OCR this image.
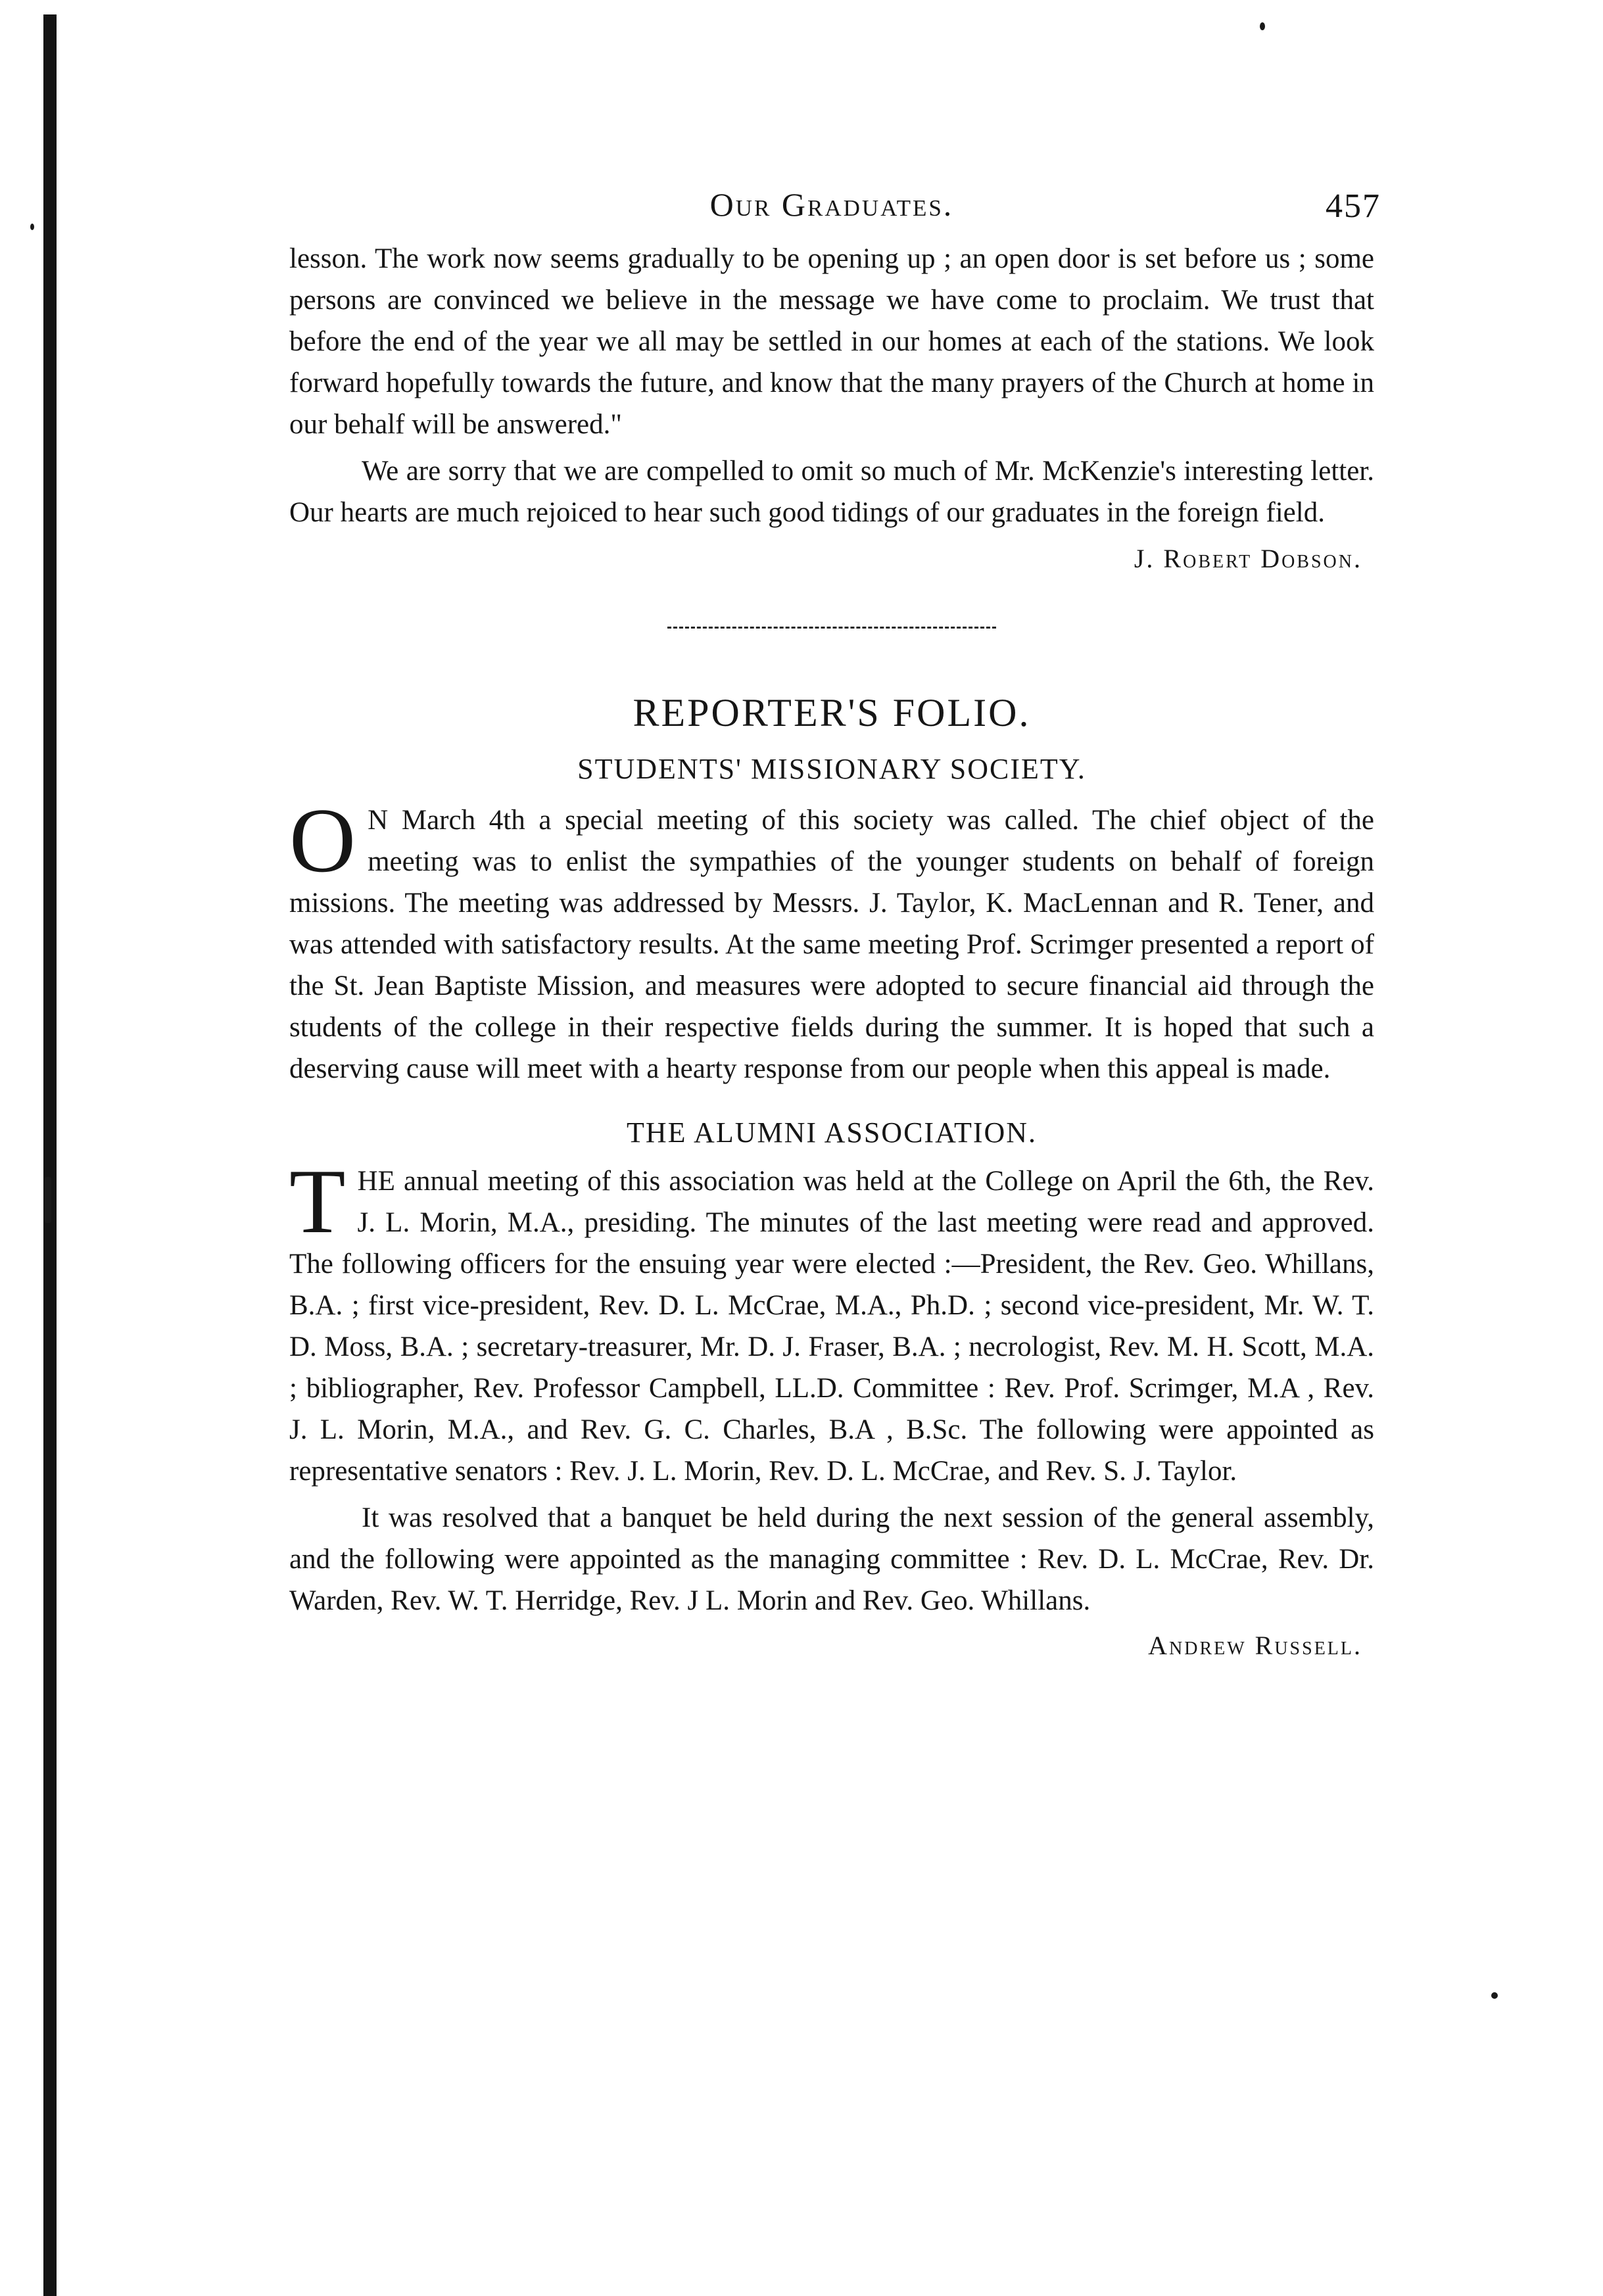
Our Graduates.	457

lesson. The work now seems gradually to be opening up ; an open door is set before us ; some persons are convinced we believe in the message we have come to proclaim. We trust that before the end of the year we all may be settled in our homes at each of the stations. We look forward hopefully towards the future, and know that the many prayers of the Church at home in our behalf will be answered."

We are sorry that we are compelled to omit so much of Mr. McKenzie's interesting letter. Our hearts are much rejoiced to hear such good tidings of our graduates in the foreign field.

J. Robert Dobson.
REPORTER'S FOLIO.
STUDENTS' MISSIONARY SOCIETY.

O N March 4th a special meeting of this society was called. The chief object of the meeting was to enlist the sympathies of the younger students on behalf of foreign missions. The meeting was addressed by Messrs. J. Taylor, K. MacLennan and R. Tener, and was attended with satisfactory results. At the same meeting Prof. Scrimger presented a report of the St. Jean Baptiste Mission, and measures were adopted to secure financial aid through the students of the college in their respective fields during the summer. It is hoped that such a deserving cause will meet with a hearty response from our people when this appeal is made.

THE ALUMNI ASSOCIATION.

THE annual meeting of this association was held at the College on April the 6th, the Rev. J. L. Morin, M.A., presiding. The minutes of the last meeting were read and approved. The following officers for the ensuing year were elected :—President, the Rev. Geo. Whillans, B.A. ; first vice-president, Rev. D. L. McCrae, M.A., Ph.D. ; second vice-president, Mr. W. T. D. Moss, B.A. ; secretary-treasurer, Mr. D. J. Fraser, B.A. ; necrologist, Rev. M. H. Scott, M.A. ; bibliographer, Rev. Professor Campbell, LL.D. Committee : Rev. Prof. Scrimger, M.A , Rev. J. L. Morin, M.A., and Rev. G. C. Charles, B.A , B.Sc. The following were appointed as representative senators : Rev. J. L. Morin, Rev. D. L. McCrae, and Rev. S. J. Taylor.

It was resolved that a banquet be held during the next session of the general assembly, and the following were appointed as the managing committee : Rev. D. L. McCrae, Rev. Dr. Warden, Rev. W. T. Herridge, Rev. J L. Morin and Rev. Geo. Whillans.

Andrew Russell.
